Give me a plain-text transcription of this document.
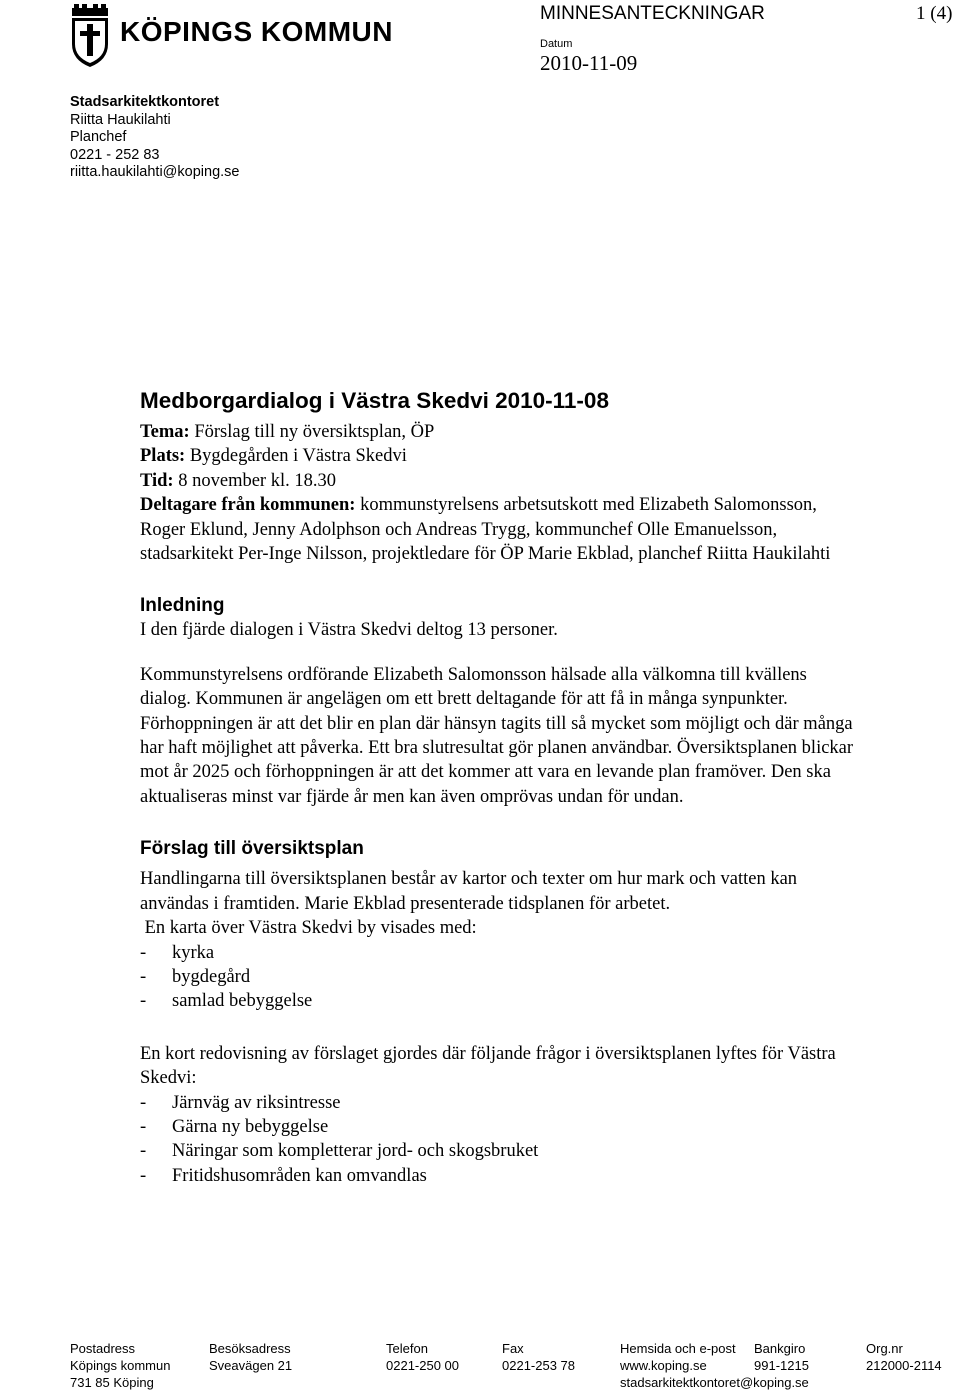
KÖPINGS KOMMUN
MINNESANTECKNINGAR	1 (4)
Datum
2010-11-09
Stadsarkitektkontoret
Riitta Haukilahti
Planchef
0221 - 252 83
riitta.haukilahti@koping.se
Medborgardialog i Västra Skedvi 2010-11-08

Tema: Förslag till ny översiktsplan, ÖP

Plats: Bygdegården i Västra Skedvi

Tid: 8 november kl. 18.30

Deltagare från kommunen: kommunstyrelsens arbetsutskott med Elizabeth Salomonsson, Roger Eklund, Jenny Adolphson och Andreas Trygg, kommunchef Olle Emanuelsson, stadsarkitekt Per-Inge Nilsson, projektledare för ÖP Marie Ekblad, planchef Riitta Haukilahti

Inledning

I den fjärde dialogen i Västra Skedvi deltog 13 personer.

Kommunstyrelsens ordförande Elizabeth Salomonsson hälsade alla välkomna till kvällens dialog. Kommunen är angelägen om ett brett deltagande för att få in många synpunkter. Förhoppningen är att det blir en plan där hänsyn tagits till så mycket som möjligt och där många har haft möjlighet att påverka. Ett bra slutresultat gör planen användbar. Översiktsplanen blickar mot år 2025 och förhoppningen är att det kommer att vara en levande plan framöver. Den ska aktualiseras minst var fjärde år men kan även omprövas undan för undan.

Förslag till översiktsplan

Handlingarna till översiktsplanen består av kartor och texter om hur mark och vatten kan användas i framtiden. Marie Ekblad presenterade tidsplanen för arbetet.

En karta över Västra Skedvi by visades med:

- kyrka
- bygdegård
- samlad bebyggelse

En kort redovisning av förslaget gjordes där följande frågor i översiktsplanen lyftes för Västra Skedvi:

- Järnväg av riksintresse
- Gärna ny bebyggelse
- Näringar som kompletterar jord- och skogsbruket
- Fritidshusområden kan omvandlas
Postadress
Köpings kommun
731 85 Köping
Besöksadress
Sveavägen 21
Telefon
0221-250 00
Fax
0221-253 78
Hemsida och e-post
www.koping.se
stadsarkitektkontoret@koping.se
Bankgiro
991-1215
Org.nr
212000-2114
